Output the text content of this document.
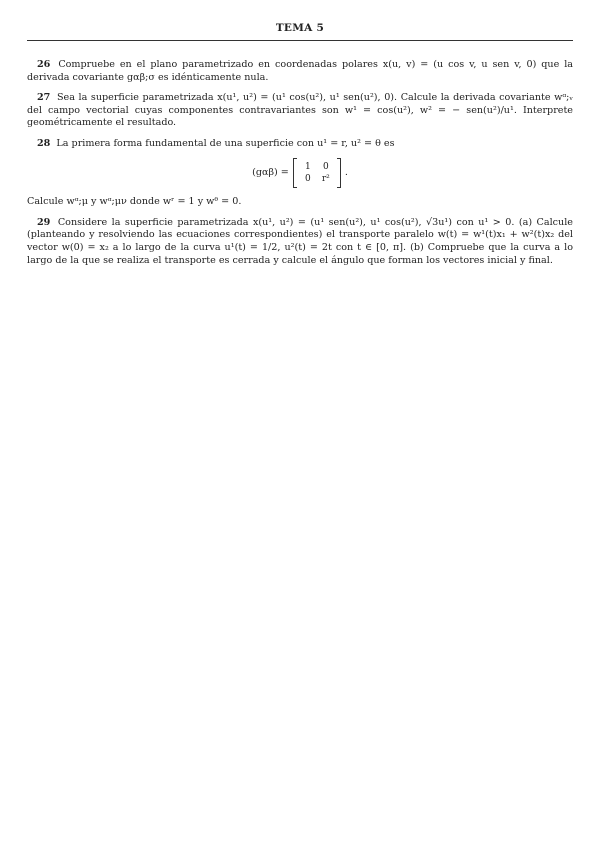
TEMA 5

26 Compruebe en el plano parametrizado en coordenadas polares x(u, v) = (u cos v, u sen v, 0) que la derivada covariante gαβ;σ es idénticamente nula.

27 Sea la superficie parametrizada x(u¹, u²) = (u¹ cos(u²), u¹ sen(u²), 0). Calcule la derivada covariante wᵅ;ᵥ del campo vectorial cuyas componentes contravariantes son w¹ = cos(u²), w² = − sen(u²)/u¹. Interprete geométricamente el resultado.

28 La primera forma fundamental de una superficie con u¹ = r, u² = θ es

(gαβ) =	1	0
0	r²
.

Calcule wᵅ;μ y wᵅ;μν donde wʳ = 1 y wᶿ = 0.

29 Considere la superficie parametrizada x(u¹, u²) = (u¹ sen(u²), u¹ cos(u²), √3u¹) con u¹ > 0. (a) Calcule (planteando y resolviendo las ecuaciones correspondientes) el transporte paralelo w(t) = w¹(t)x₁ + w²(t)x₂ del vector w(0) = x₂ a lo largo de la curva u¹(t) = 1/2, u²(t) = 2t con t ∈ [0, π]. (b) Compruebe que la curva a lo largo de la que se realiza el transporte es cerrada y calcule el ángulo que forman los vectores inicial y final.
